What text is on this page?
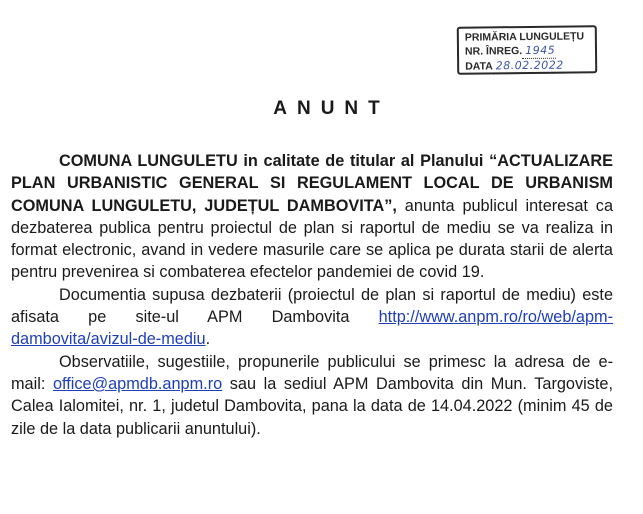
PRIMĂRIA LUNGULEȚU
NR. ÎNREG. 1945
DATA 28.02.2022
ANUNT

COMUNA LUNGULETU in calitate de titular al Planului “ACTUALIZARE PLAN URBANISTIC GENERAL SI REGULAMENT LOCAL DE URBANISM COMUNA LUNGULETU, JUDEȚUL DAMBOVITA”, anunta publicul interesat ca dezbaterea publica pentru proiectul de plan si raportul de mediu se va realiza in format electronic, avand in vedere masurile care se aplica pe durata starii de alerta pentru prevenirea si combaterea efectelor pandemiei de covid 19.

Documentia supusa dezbaterii (proiectul de plan si raportul de mediu) este afisata pe site-ul APM Dambovita http://www.anpm.ro/ro/web/apm-dambovita/avizul-de-mediu.

Observatiile, sugestiile, propunerile publicului se primesc la adresa de e-mail: office@apmdb.anpm.ro sau la sediul APM Dambovita din Mun. Targoviste, Calea Ialomitei, nr. 1, judetul Dambovita, pana la data de 14.04.2022 (minim 45 de zile de la data publicarii anuntului).
